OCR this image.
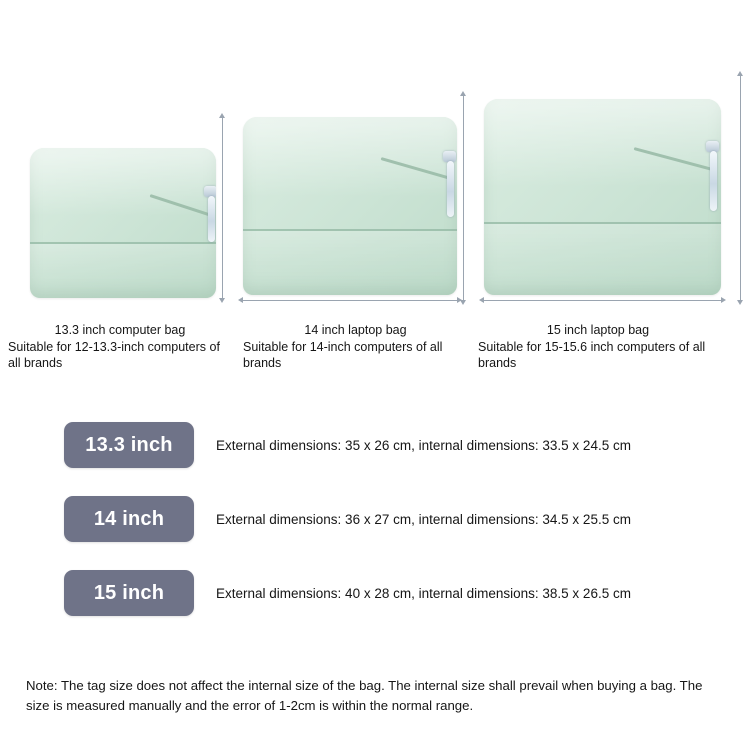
13.3 inch computer bag
Suitable for 12-13.3-inch computers of all brands
14 inch laptop bag
Suitable for 14-inch computers of all brands
15 inch laptop bag
Suitable for 15-15.6 inch computers of all brands
13.3 inch	External dimensions: 35 x 26 cm, internal dimensions: 33.5 x 24.5 cm
14 inch	External dimensions: 36 x 27 cm, internal dimensions: 34.5 x 25.5 cm
15 inch	External dimensions: 40 x 28 cm, internal dimensions: 38.5 x 26.5 cm
Note: The tag size does not affect the internal size of the bag. The internal size shall prevail when buying a bag. The size is measured manually and the error of 1-2cm is within the normal range.
